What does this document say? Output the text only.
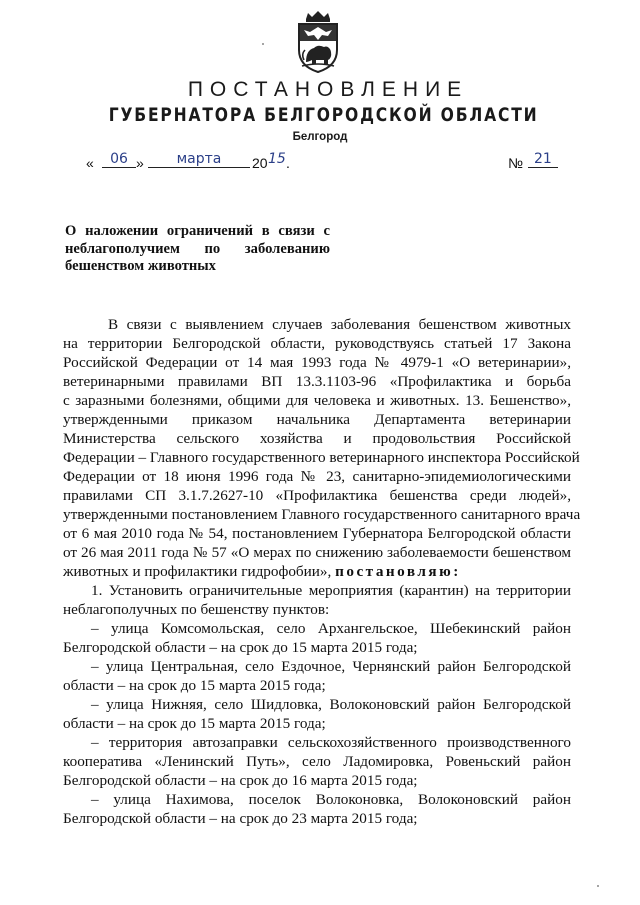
ПОСТАНОВЛЕНИЕ
ГУБЕРНАТОРА БЕЛГОРОДСКОЙ ОБЛАСТИ
Белгород
«	06 »	марта	20 15 .	№ 21
О наложении ограничений в связи с
неблагополучием по заболеванию
бешенством животных
В связи с выявлением случаев заболевания бешенством животных
на территории Белгородской области, руководствуясь статьей 17 Закона
Российской Федерации от 14 мая 1993 года № 4979-1 «О ветеринарии»,
ветеринарными правилами ВП 13.3.1103-96 «Профилактика и борьба
с заразными болезнями, общими для человека и животных. 13. Бешенство»,
утвержденными приказом начальника Департамента ветеринарии
Министерства сельского хозяйства и продовольствия Российской
Федерации – Главного государственного ветеринарного инспектора Российской
Федерации от 18 июня 1996 года № 23, санитарно-эпидемиологическими
правилами СП 3.1.7.2627-10 «Профилактика бешенства среди людей»,
утвержденными постановлением Главного государственного санитарного врача
от 6 мая 2010 года № 54, постановлением Губернатора Белгородской области
от 26 мая 2011 года № 57 «О мерах по снижению заболеваемости бешенством
животных и профилактики гидрофобии», постановляю:
1. Установить ограничительные мероприятия (карантин) на территории
неблагополучных по бешенству пунктов:
– улица Комсомольская, село Архангельское, Шебекинский район
Белгородской области – на срок до 15 марта 2015 года;
– улица Центральная, село Ездочное, Чернянский район Белгородской
области – на срок до 15 марта 2015 года;
– улица Нижняя, село Шидловка, Волоконовский район Белгородской
области – на срок до 15 марта 2015 года;
– территория автозаправки сельскохозяйственного производственного
кооператива «Ленинский Путь», село Ладомировка, Ровеньский район
Белгородской области – на срок до 16 марта 2015 года;
– улица Нахимова, поселок Волоконовка, Волоконовский район
Белгородской области – на срок до 23 марта 2015 года;
